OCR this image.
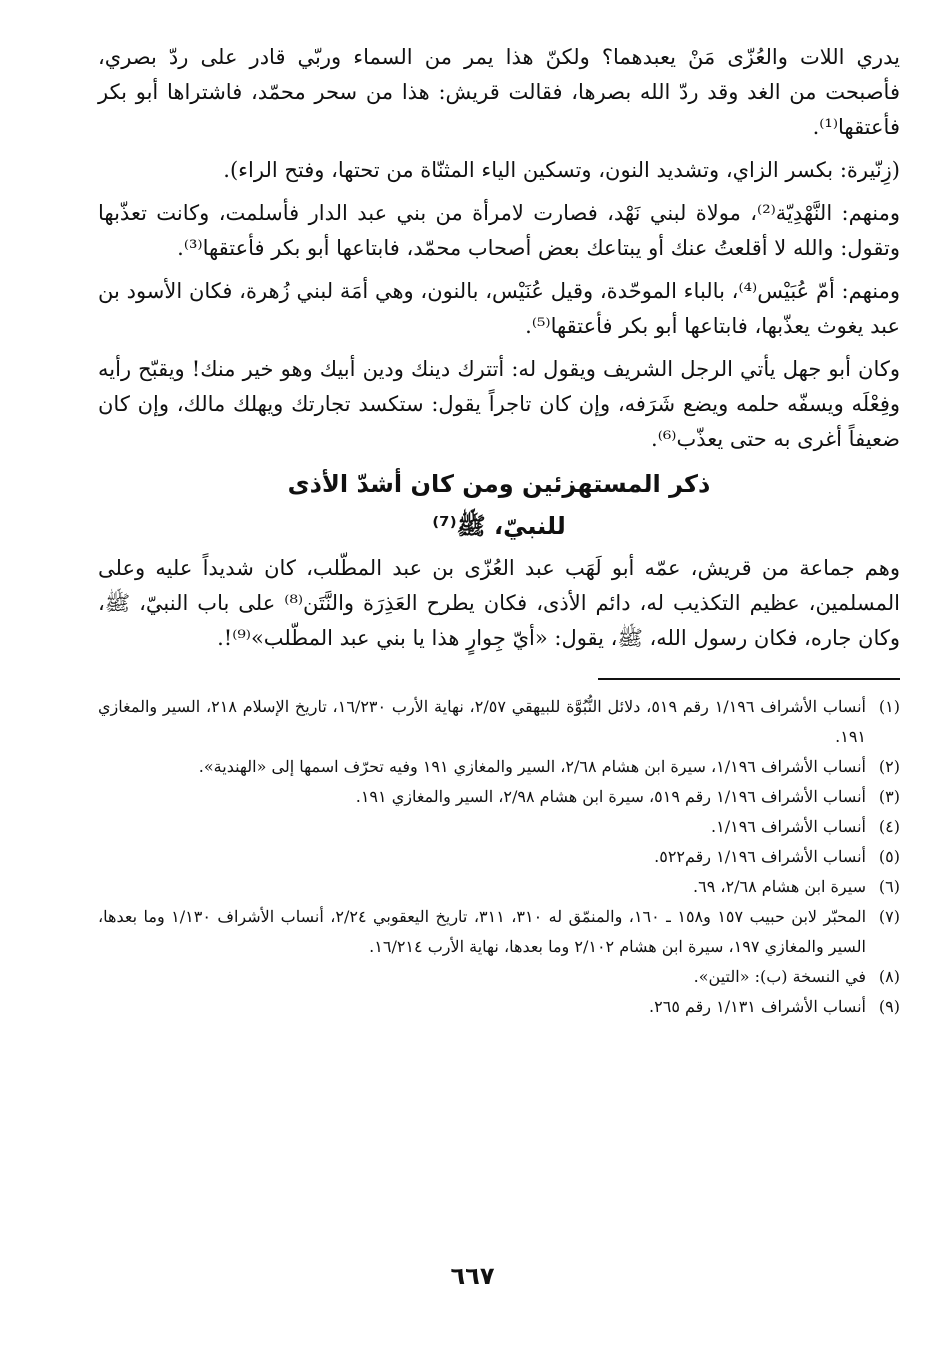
يدري اللات والعُزّى مَنْ يعبدهما؟ ولكنّ هذا يمر من السماء وربّي قادر على ردّ بصري، فأصبحت من الغد وقد ردّ الله بصرها، فقالت قريش: هذا من سحر محمّد، فاشتراها أبو بكر فأعتقها⁽¹⁾.

(زِنّيرة: بكسر الزاي، وتشديد النون، وتسكين الياء المثنّاة من تحتها، وفتح الراء).

ومنهم: النَّهْدِيّة⁽²⁾، مولاة لبني نَهْد، فصارت لامرأة من بني عبد الدار فأسلمت، وكانت تعذّبها وتقول: والله لا أقلعتُ عنك أو يبتاعك بعض أصحاب محمّد، فابتاعها أبو بكر فأعتقها⁽³⁾.

ومنهم: أمّ عُبَيْس⁽⁴⁾، بالباء الموحّدة، وقيل عُنَيْس، بالنون، وهي أمَة لبني زُهرة، فكان الأسود بن عبد يغوث يعذّبها، فابتاعها أبو بكر فأعتقها⁽⁵⁾.

وكان أبو جهل يأتي الرجل الشريف ويقول له: أتترك دينك ودين أبيك وهو خير منك! ويقبّح رأيه وفِعْلَه ويسفّه حلمه ويضع شَرَفه، وإن كان تاجراً يقول: ستكسد تجارتك ويهلك مالك، وإن كان ضعيفاً أغرى به حتى يعذّب⁽⁶⁾.

ذكر المستهزئين ومن كان أشدّ الأذى
للنبيّ، ﷺ⁽⁷⁾

وهم جماعة من قريش، عمّه أبو لَهَب عبد العُزّى بن عبد المطّلب، كان شديداً عليه وعلى المسلمين، عظيم التكذيب له، دائم الأذى، فكان يطرح العَذِرَة والنَّتَن⁽⁸⁾ على باب النبيّ، ﷺ، وكان جاره، فكان رسول الله، ﷺ، يقول: «أيّ جِوارٍ هذا يا بني عبد المطّلب»⁽⁹⁾!.

(١)
أنساب الأشراف ١/١٩٦ رقم ٥١٩، دلائل النُّبُوَّة للبيهقي ٢/٥٧، نهاية الأرب ١٦/٢٣٠، تاريخ الإسلام ٢١٨، السير والمغازي ١٩١.
(٢)
أنساب الأشراف ١/١٩٦، سيرة ابن هشام ٢/٦٨، السير والمغازي ١٩١ وفيه تحرّف اسمها إلى «الهندية».
(٣)
أنساب الأشراف ١/١٩٦ رقم ٥١٩، سيرة ابن هشام ٢/٩٨، السير والمغازي ١٩١.
(٤)
أنساب الأشراف ١/١٩٦.
(٥)
أنساب الأشراف ١/١٩٦ رقم٥٢٢.
(٦)
سيرة ابن هشام ٢/٦٨، ٦٩.
(٧)
المحبّر لابن حبيب ١٥٧ و١٥٨ ـ ١٦٠، والمنمّق له ٣١٠، ٣١١، تاريخ اليعقوبي ٢/٢٤، أنساب الأشراف ١/١٣٠ وما بعدها، السير والمغازي ١٩٧، سيرة ابن هشام ٢/١٠٢ وما بعدها، نهاية الأرب ١٦/٢١٤.
(٨)
في النسخة (ب): «التين».
(٩)
أنساب الأشراف ١/١٣١ رقم ٢٦٥.
٦٦٧
